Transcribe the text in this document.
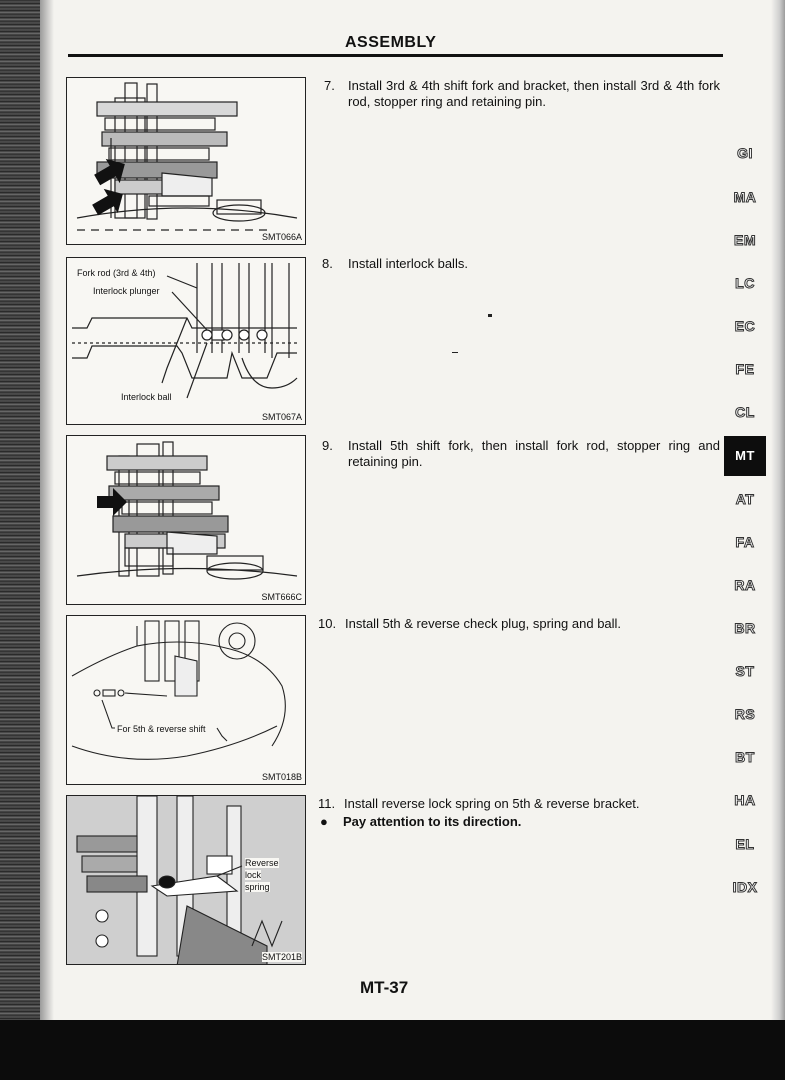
ASSEMBLY
SMT066A
Fork rod (3rd & 4th)
Interlock plunger
Interlock ball
SMT067A
SMT666C
For 5th & reverse shift
SMT018B
Reverse
lock
spring
SMT201B
7. Install 3rd & 4th shift fork and bracket, then install 3rd & 4th fork rod, stopper ring and retaining pin.
8. Install interlock balls.
9. Install 5th shift fork, then install fork rod, stopper ring and retaining pin.
10. Install 5th & reverse check plug, spring and ball.
11. Install reverse lock spring on 5th & reverse bracket.
● Pay attention to its direction.
GI
MA
EM
LC
EC
FE
CL
MT
AT
FA
RA
BR
ST
RS
BT
HA
EL
IDX
MT-37
